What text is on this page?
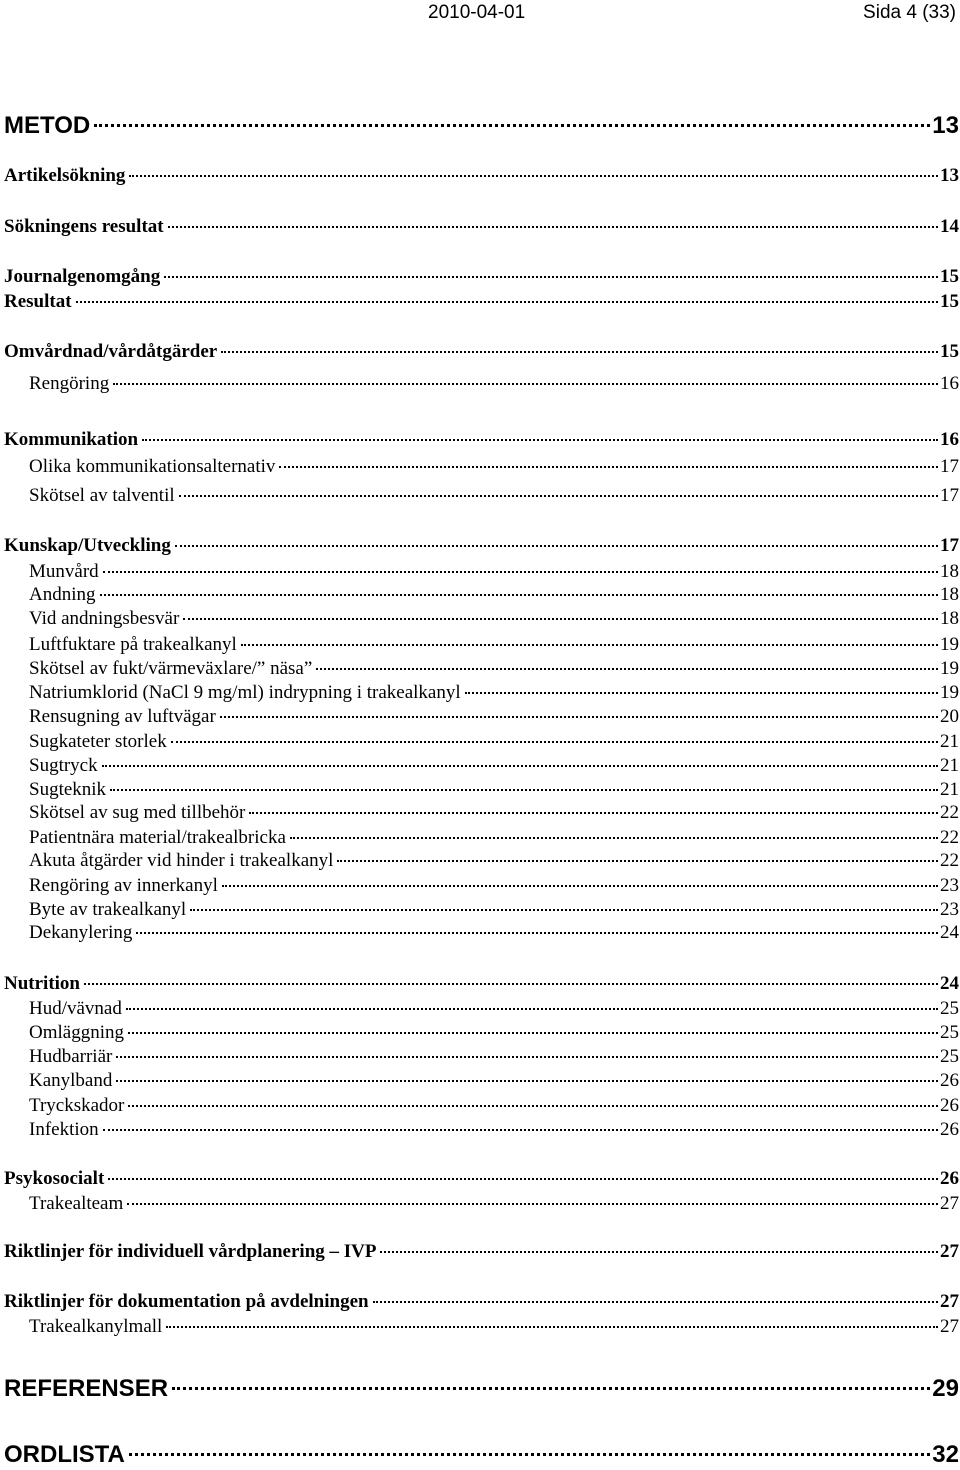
2010-04-01	Sida 4 (33)
METOD	13
Artikelsökning	13
Sökningens resultat	14
Journalgenomgång	15
Resultat	15
Omvårdnad/vårdåtgärder	15
Rengöring	16
Kommunikation	16
Olika kommunikationsalternativ	17
Skötsel av talventil	17
Kunskap/Utveckling	17
Munvård	18
Andning	18
Vid andningsbesvär	18
Luftfuktare på trakealkanyl	19
Skötsel av fukt/värmeväxlare/” näsa”	19
Natriumklorid (NaCl 9 mg/ml) indrypning i trakealkanyl	19
Rensugning av luftvägar	20
Sugkateter storlek	21
Sugtryck	21
Sugteknik	21
Skötsel av sug med tillbehör	22
Patientnära material/trakealbricka	22
Akuta åtgärder vid hinder i trakealkanyl	22
Rengöring av innerkanyl	23
Byte av trakealkanyl	23
Dekanylering	24
Nutrition	24
Hud/vävnad	25
Omläggning	25
Hudbarriär	25
Kanylband	26
Tryckskador	26
Infektion	26
Psykosocialt	26
Trakealteam	27
Riktlinjer för individuell vårdplanering – IVP	27
Riktlinjer för dokumentation på avdelningen	27
Trakealkanylmall	27
REFERENSER	29
ORDLISTA	32
